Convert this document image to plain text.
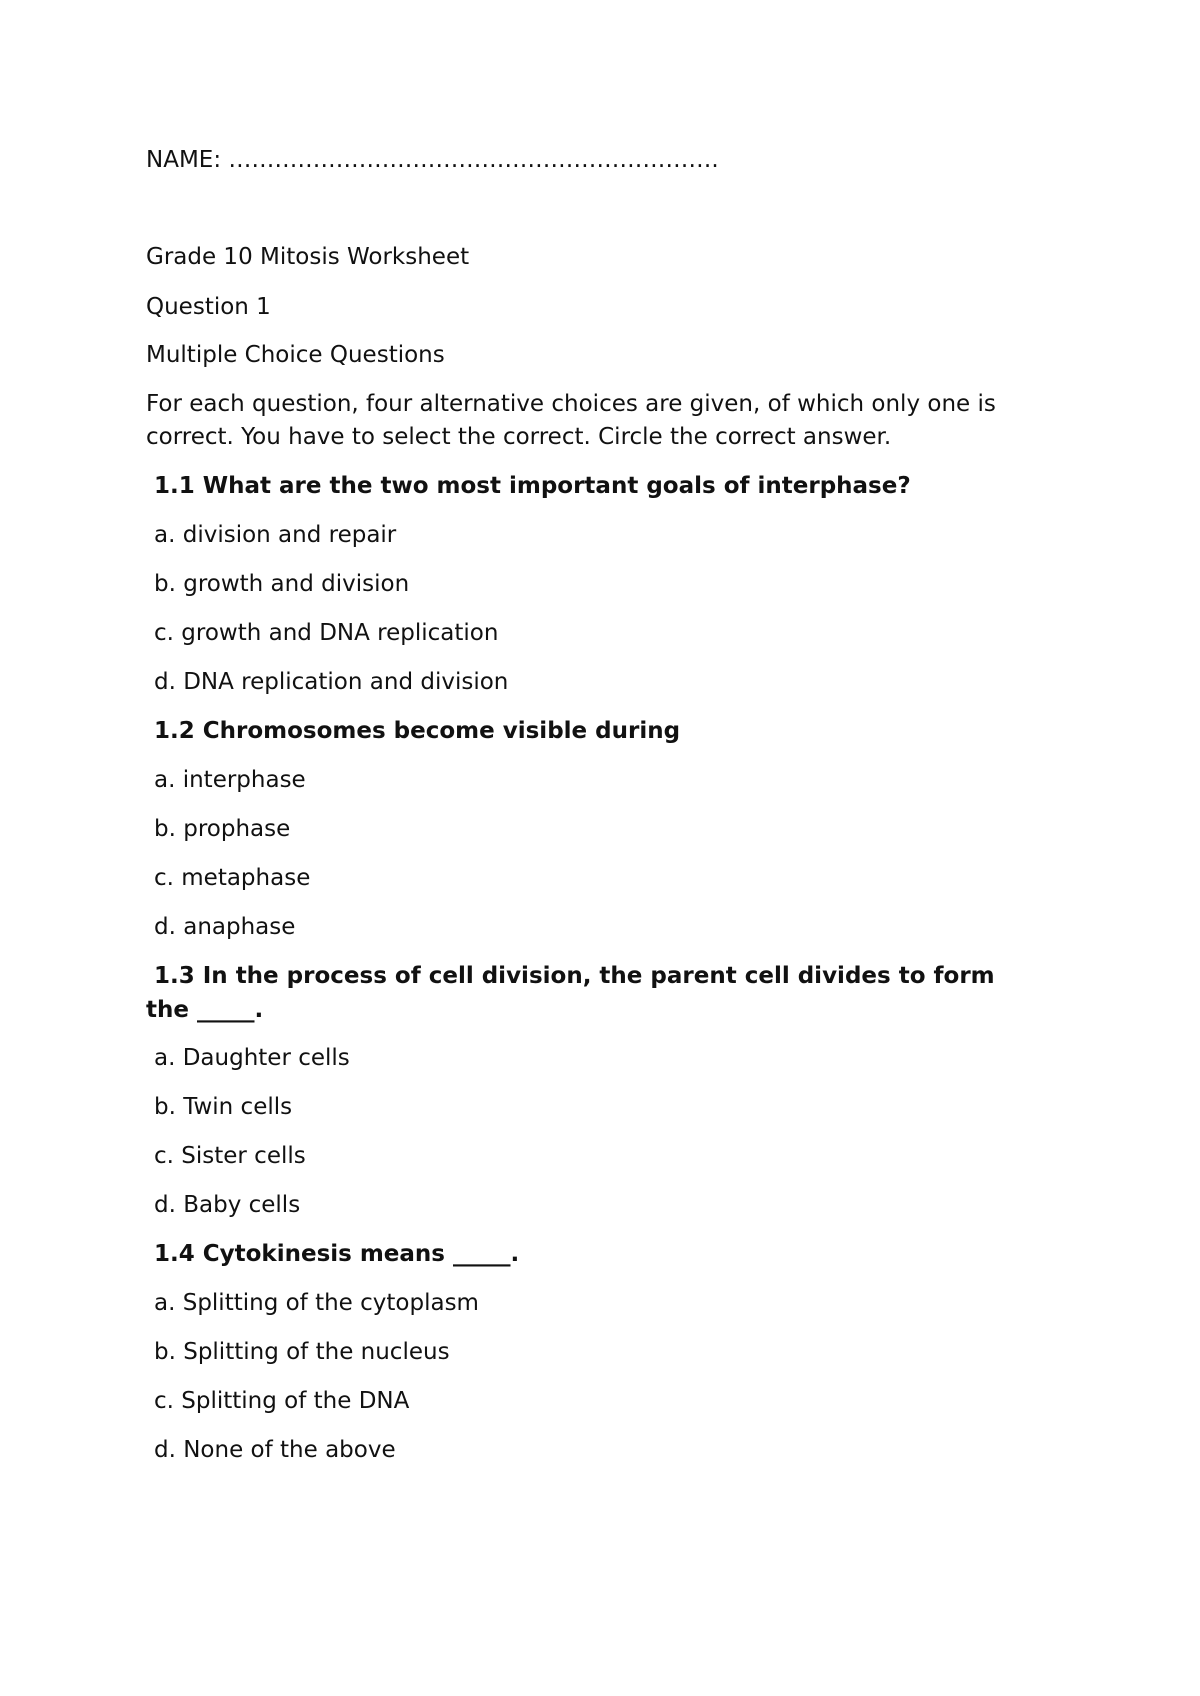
NAME: ……………………………………………………….
Grade 10 Mitosis Worksheet
Question 1
Multiple Choice Questions
For each question, four alternative choices are given, of which only one is
correct. You have to select the correct. Circle the correct answer.
1.1 What are the two most important goals of interphase?
a. division and repair
b. growth and division
c. growth and DNA replication
d. DNA replication and division
1.2 Chromosomes become visible during
a. interphase
b. prophase
c. metaphase
d. anaphase
1.3 In the process of cell division, the parent cell divides to form
the _____.
a. Daughter cells
b. Twin cells
c. Sister cells
d. Baby cells
1.4 Cytokinesis means _____.
a. Splitting of the cytoplasm
b. Splitting of the nucleus
c. Splitting of the DNA
d. None of the above
